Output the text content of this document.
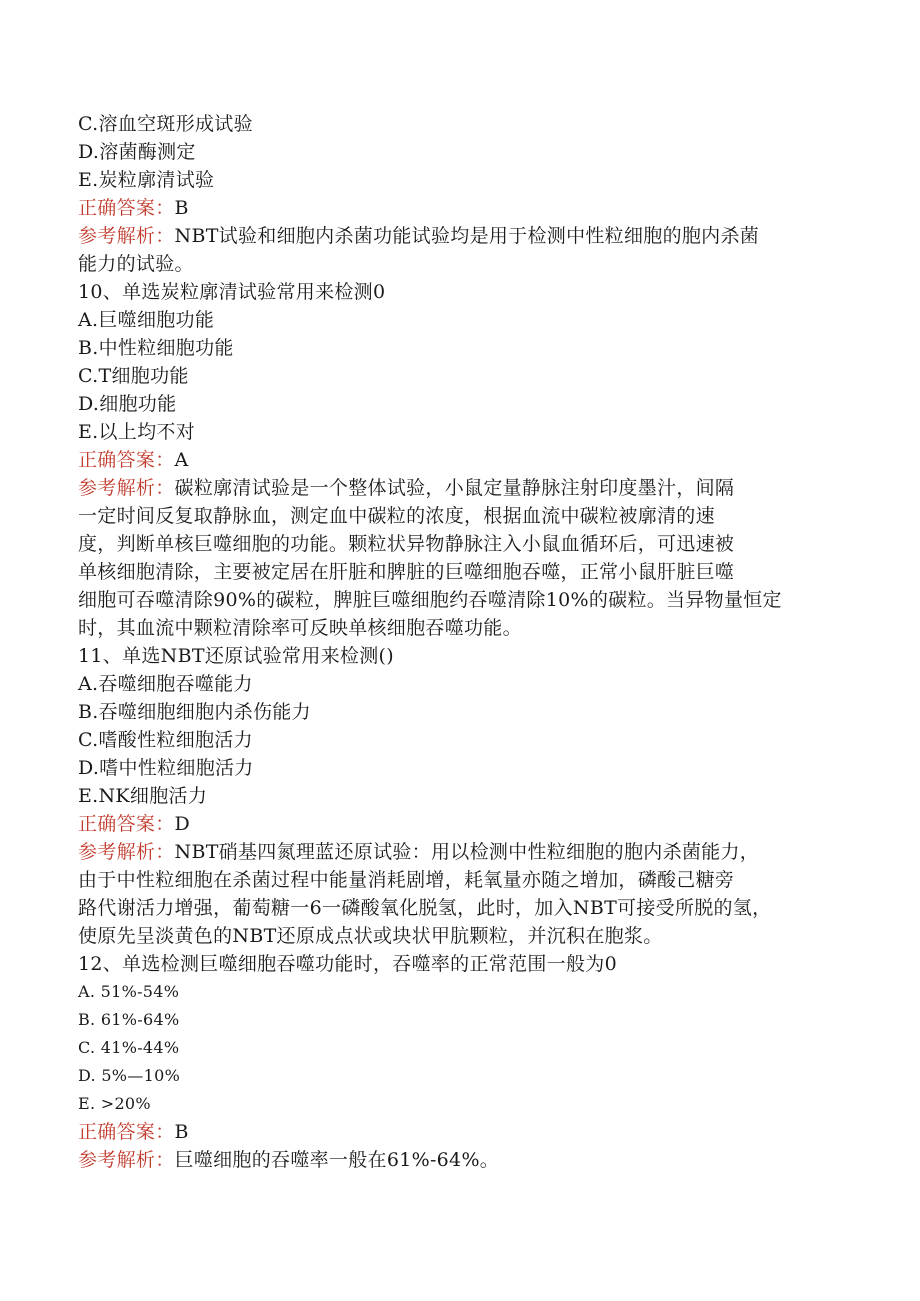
C.溶血空斑形成试验
D.溶菌酶测定
E.炭粒廓清试验
正确答案：B
参考解析：NBT试验和细胞内杀菌功能试验均是用于检测中性粒细胞的胞内杀菌
能力的试验。
10、单选炭粒廓清试验常用来检测0
A.巨噬细胞功能
B.中性粒细胞功能
C.T细胞功能
D.细胞功能
E.以上均不对
正确答案：A
参考解析：碳粒廓清试验是一个整体试验，小鼠定量静脉注射印度墨汁，间隔
一定时间反复取静脉血，测定血中碳粒的浓度，根据血流中碳粒被廓清的速
度，判断单核巨噬细胞的功能。颗粒状异物静脉注入小鼠血循环后，可迅速被
单核细胞清除，主要被定居在肝脏和脾脏的巨噬细胞吞噬，正常小鼠肝脏巨噬
细胞可吞噬清除90%的碳粒，脾脏巨噬细胞约吞噬清除10%的碳粒。当异物量恒定
时，其血流中颗粒清除率可反映单核细胞吞噬功能。
11、单选NBT还原试验常用来检测()
A.吞噬细胞吞噬能力
B.吞噬细胞细胞内杀伤能力
C.嗜酸性粒细胞活力
D.嗜中性粒细胞活力
E.NK细胞活力
正确答案：D
参考解析：NBT硝基四氮理蓝还原试验：用以检测中性粒细胞的胞内杀菌能力，
由于中性粒细胞在杀菌过程中能量消耗剧增，耗氧量亦随之增加，磷酸己糖旁
路代谢活力增强，葡萄糖一6一磷酸氧化脱氢，此时，加入NBT可接受所脱的氢，
使原先呈淡黄色的NBT还原成点状或块状甲肮颗粒，并沉积在胞浆。
12、单选检测巨噬细胞吞噬功能时，吞噬率的正常范围一般为0
A. 51%-54%
B. 61%-64%
C. 41%-44%
D. 5%—10%
E. >20%
正确答案：B
参考解析：巨噬细胞的吞噬率一般在61%-64%。
